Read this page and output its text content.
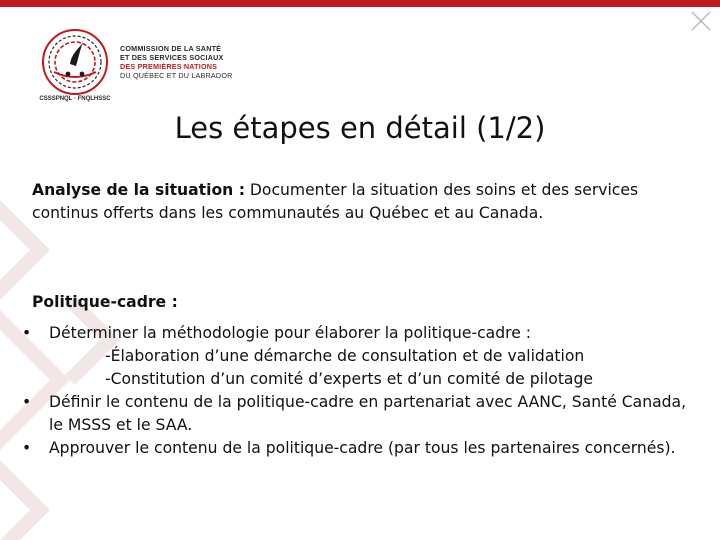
CSSSPNQL · FNQLHSSC
COMMISSION DE LA SANTÉ
ET DES SERVICES SOCIAUX
DES PREMIÈRES NATIONS
DU QUÉBEC ET DU LABRADOR
Les étapes en détail (1/2)

Analyse de la situation : Documenter la situation des soins et des services continus offerts dans les communautés au Québec et au Canada.

Politique-cadre :

• Déterminer la méthodologie pour élaborer la politique-cadre :
-Élaboration d’une démarche de consultation et de validation
-Constitution d’un comité d’experts et d’un comité de pilotage
• Définir le contenu de la politique-cadre en partenariat avec AANC, Santé Canada, le MSSS et le SAA.
• Approuver le contenu de la politique-cadre (par tous les partenaires concernés).
